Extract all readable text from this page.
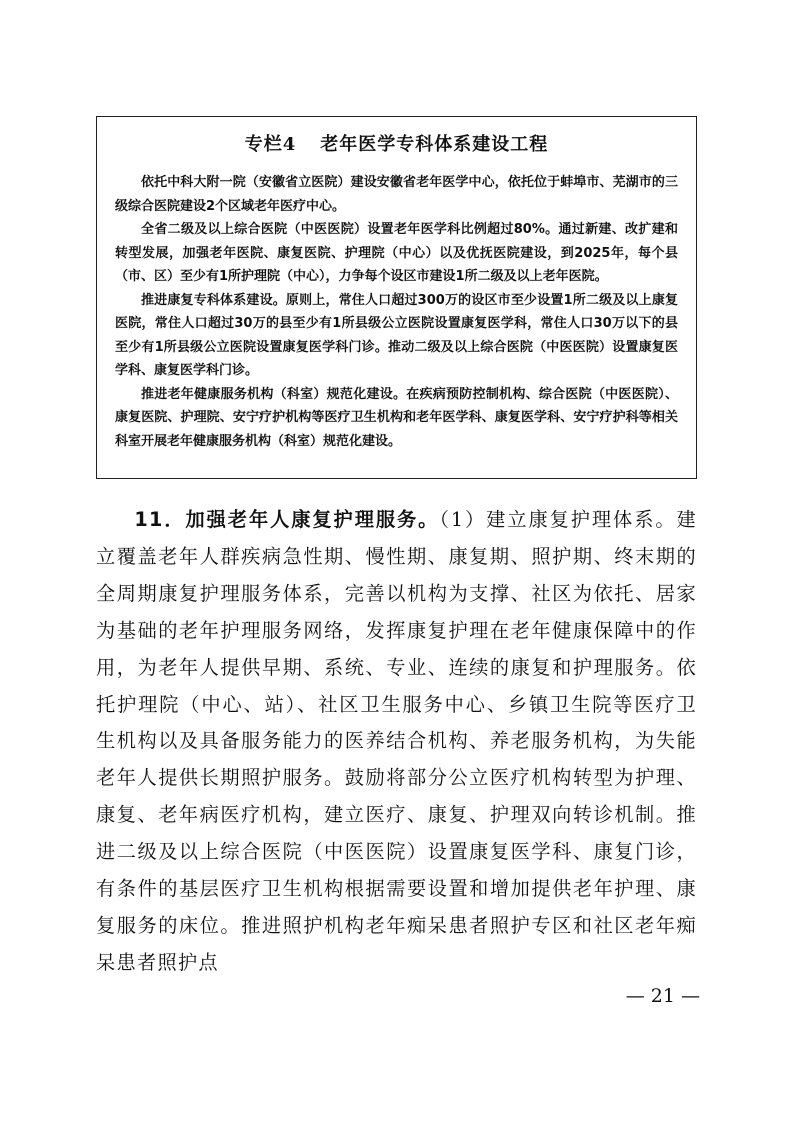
专栏4 老年医学专科体系建设工程

依托中科大附一院（安徽省立医院）建设安徽省老年医学中心，依托位于蚌埠市、芜湖市的三级综合医院建设2个区域老年医疗中心。

全省二级及以上综合医院（中医医院）设置老年医学科比例超过80%。通过新建、改扩建和转型发展，加强老年医院、康复医院、护理院（中心）以及优抚医院建设，到2025年，每个县（市、区）至少有1所护理院（中心），力争每个设区市建设1所二级及以上老年医院。

推进康复专科体系建设。原则上，常住人口超过300万的设区市至少设置1所二级及以上康复医院，常住人口超过30万的县至少有1所县级公立医院设置康复医学科，常住人口30万以下的县至少有1所县级公立医院设置康复医学科门诊。推动二级及以上综合医院（中医医院）设置康复医学科、康复医学科门诊。

推进老年健康服务机构（科室）规范化建设。在疾病预防控制机构、综合医院（中医医院）、康复医院、护理院、安宁疗护机构等医疗卫生机构和老年医学科、康复医学科、安宁疗护科等相关科室开展老年健康服务机构（科室）规范化建设。

11．加强老年人康复护理服务。（1）建立康复护理体系。建立覆盖老年人群疾病急性期、慢性期、康复期、照护期、终末期的全周期康复护理服务体系，完善以机构为支撑、社区为依托、居家为基础的老年护理服务网络，发挥康复护理在老年健康保障中的作用，为老年人提供早期、系统、专业、连续的康复和护理服务。依托护理院（中心、站）、社区卫生服务中心、乡镇卫生院等医疗卫生机构以及具备服务能力的医养结合机构、养老服务机构，为失能老年人提供长期照护服务。鼓励将部分公立医疗机构转型为护理、康复、老年病医疗机构，建立医疗、康复、护理双向转诊机制。推进二级及以上综合医院（中医医院）设置康复医学科、康复门诊，有条件的基层医疗卫生机构根据需要设置和增加提供老年护理、康复服务的床位。推进照护机构老年痴呆患者照护专区和社区老年痴呆患者照护点

— 21 —
